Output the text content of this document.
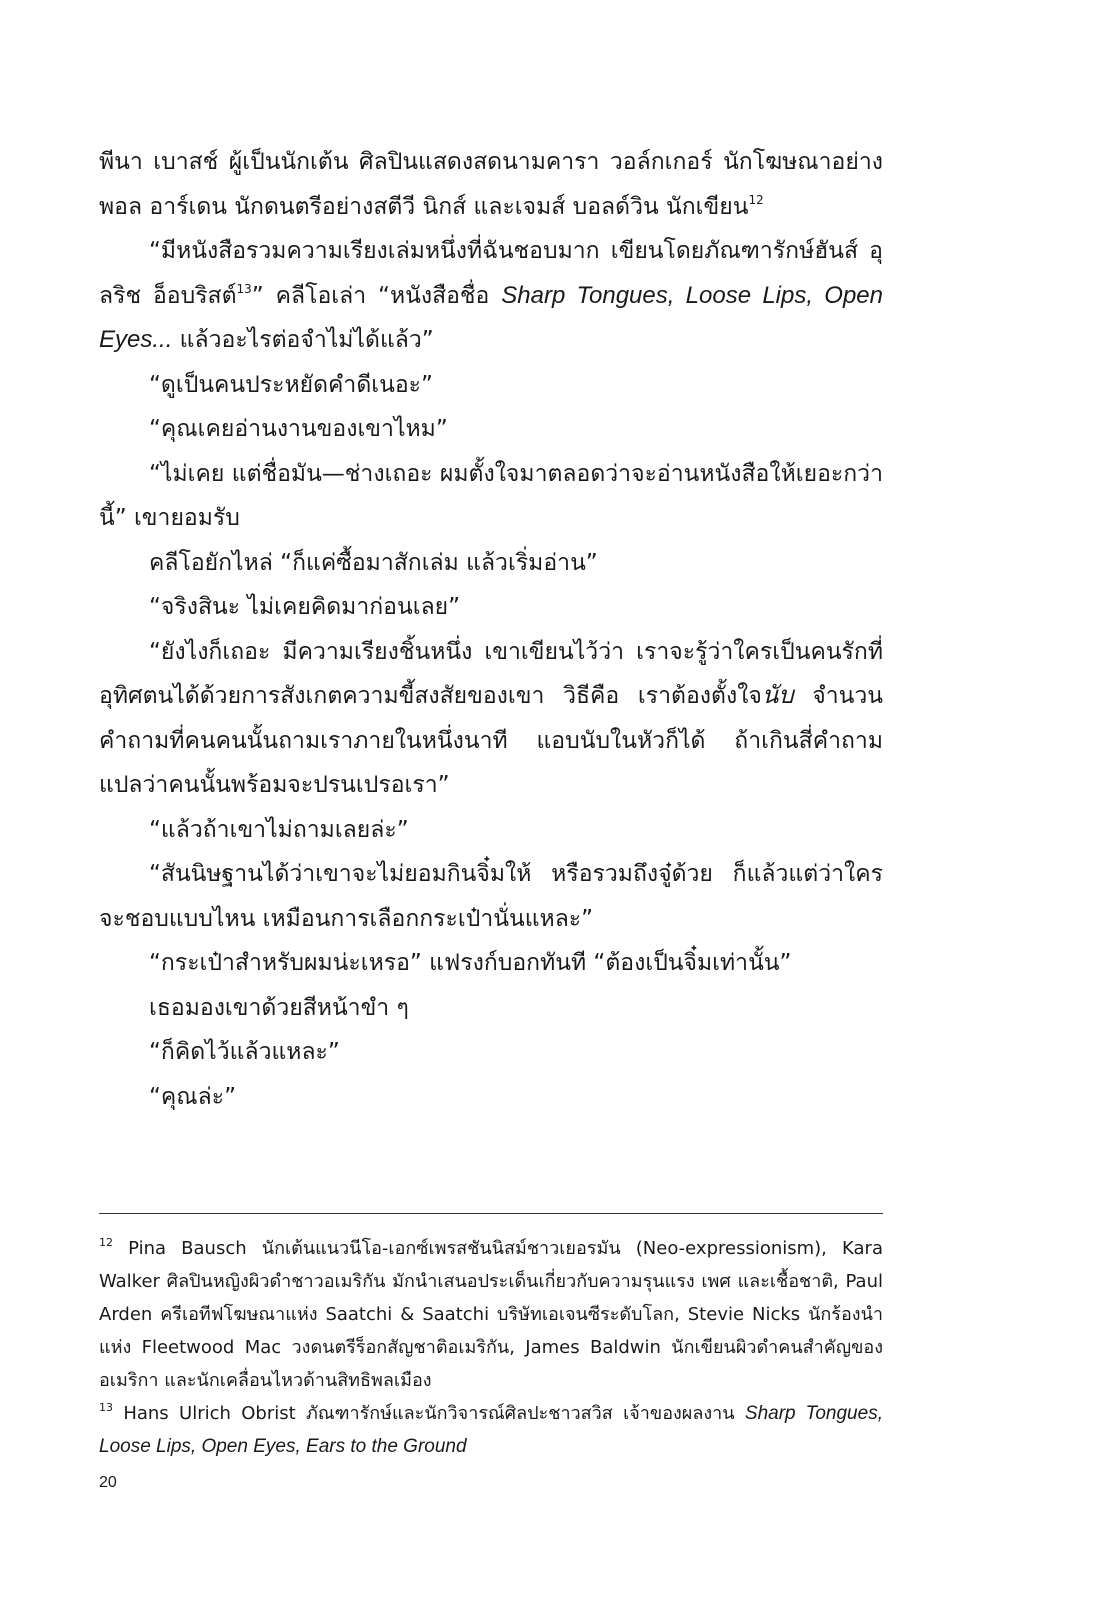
พีนา เบาสช์ ผู้เป็นนักเต้น ศิลปินแสดงสดนามคารา วอล์กเกอร์ นักโฆษณาอย่างพอล อาร์เดน นักดนตรีอย่างสตีวี นิกส์ และเจมส์ บอลด์วิน นักเขียน$^{12}$

“มีหนังสือรวมความเรียงเล่มหนึ่งที่ฉันชอบมาก เขียนโดยภัณฑารักษ์ฮันส์ อุลริช อ็อบริสต์$^{13}$” คลีโอเล่า “หนังสือชื่อ Sharp Tongues, Loose Lips, Open Eyes... แล้วอะไรต่อจำไม่ได้แล้ว”

“ดูเป็นคนประหยัดคำดีเนอะ”

“คุณเคยอ่านงานของเขาไหม”

“ไม่เคย แต่ชื่อมัน—ช่างเถอะ ผมตั้งใจมาตลอดว่าจะอ่านหนังสือให้เยอะกว่านี้” เขายอมรับ

คลีโอยักไหล่ “ก็แค่ซื้อมาสักเล่ม แล้วเริ่มอ่าน”

“จริงสินะ ไม่เคยคิดมาก่อนเลย”

“ยังไงก็เถอะ มีความเรียงชิ้นหนึ่ง เขาเขียนไว้ว่า เราจะรู้ว่าใครเป็นคนรักที่อุทิศตนได้ด้วยการสังเกตความขี้สงสัยของเขา วิธีคือ เราต้องตั้งใจนับ จำนวนคำถามที่คนคนนั้นถามเราภายในหนึ่งนาที แอบนับในหัวก็ได้ ถ้าเกินสี่คำถาม แปลว่าคนนั้นพร้อมจะปรนเปรอเรา”

“แล้วถ้าเขาไม่ถามเลยล่ะ”

“สันนิษฐานได้ว่าเขาจะไม่ยอมกินจิ๋มให้ หรือรวมถึงจู๋ด้วย ก็แล้วแต่ว่าใครจะชอบแบบไหน เหมือนการเลือกกระเป๋านั่นแหละ”

“กระเป๋าสำหรับผมน่ะเหรอ” แฟรงก์บอกทันที “ต้องเป็นจิ๋มเท่านั้น”

เธอมองเขาด้วยสีหน้าขำ ๆ

“ก็คิดไว้แล้วแหละ”

“คุณล่ะ”

$^{12}$ Pina Bausch นักเต้นแนวนีโอ-เอกซ์เพรสชันนิสม์ชาวเยอรมัน (Neo-expressionism), Kara Walker ศิลปินหญิงผิวดำชาวอเมริกัน มักนำเสนอประเด็นเกี่ยวกับความรุนแรง เพศ และเชื้อชาติ, Paul Arden ครีเอทีฟโฆษณาแห่ง Saatchi & Saatchi บริษัทเอเจนซีระดับโลก, Stevie Nicks นักร้องนำแห่ง Fleetwood Mac วงดนตรีร็อกสัญชาติอเมริกัน, James Baldwin นักเขียนผิวดำคนสำคัญของอเมริกา และนักเคลื่อนไหวด้านสิทธิพลเมือง

$^{13}$ Hans Ulrich Obrist ภัณฑารักษ์และนักวิจารณ์ศิลปะชาวสวิส เจ้าของผลงาน Sharp Tongues, Loose Lips, Open Eyes, Ears to the Ground

20
